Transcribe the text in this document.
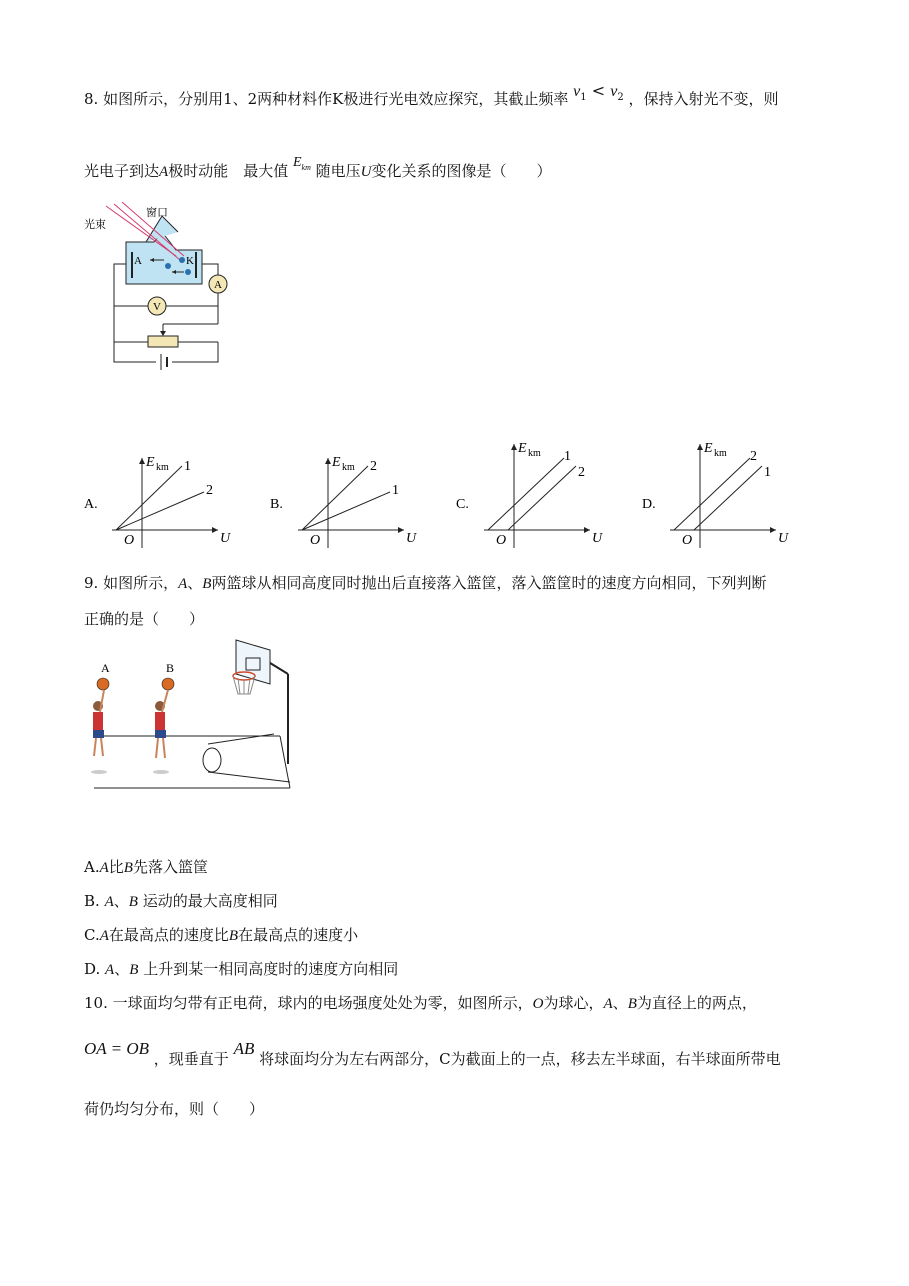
8. 如图所示，分别用1、2两种材料作K极进行光电效应探究，其截止频率 $\nu_1 < \nu_2$ ，保持入射光不变，则
光电子到达A极时动能　最大值 $E_{km}$ 随电压U变化关系的图像是（　　）
A	K
光束
窗口
A
V
A.
E km
U
O
1
2
B.
E km
U
O
2
1
C.
E km
U
O
1
2
D.
E km
U
O
2
1
9. 如图所示，A、B两篮球从相同高度同时抛出后直接落入篮筐，落入篮筐时的速度方向相同，下列判断
正确的是（　　）
A	B
A.A比B先落入篮筐
B. A、B 运动的最大高度相同
C.A在最高点的速度比B在最高点的速度小
D. A、B 上升到某一相同高度时的速度方向相同
10. 一球面均匀带有正电荷，球内的电场强度处处为零，如图所示，O为球心，A、B为直径上的两点，
OA = OB ，现垂直于 AB 将球面均分为左右两部分，C为截面上的一点，移去左半球面，右半球面所带电
荷仍均匀分布，则（　　）
